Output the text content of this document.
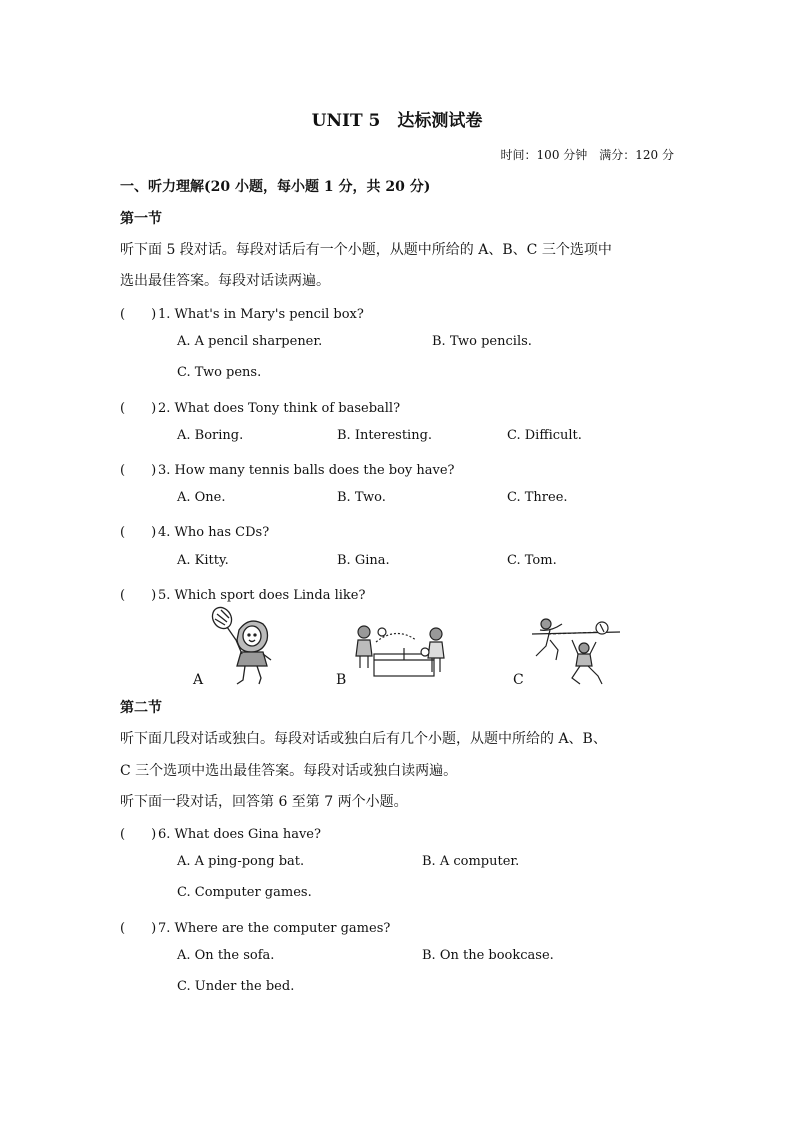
UNIT 5　达标测试卷
时间：100 分钟　满分：120 分
一、听力理解(20 小题，每小题 1 分，共 20 分)
第一节
听下面 5 段对话。每段对话后有一个小题，从题中所给的 A、B、C 三个选项中
选出最佳答案。每段对话读两遍。
(　　) 1. What's in Mary's pencil box?
A. A pencil sharpener.	B. Two pencils.
C. Two pens.
(　　) 2. What does Tony think of baseball?
A. Boring.	B. Interesting.	C. Difficult.
(　　) 3. How many tennis balls does the boy have?
A. One.	B. Two.	C. Three.
(　　) 4. Who has CDs?
A. Kitty.	B. Gina.	C. Tom.
(　　) 5. Which sport does Linda like?
A	B	C
第二节
听下面几段对话或独白。每段对话或独白后有几个小题，从题中所给的 A、B、
C 三个选项中选出最佳答案。每段对话或独白读两遍。
听下面一段对话，回答第 6 至第 7 两个小题。
(　　) 6. What does Gina have?
A. A ping-pong bat.	B. A computer.
C. Computer games.
(　　) 7. Where are the computer games?
A. On the sofa.	B. On the bookcase.
C. Under the bed.
